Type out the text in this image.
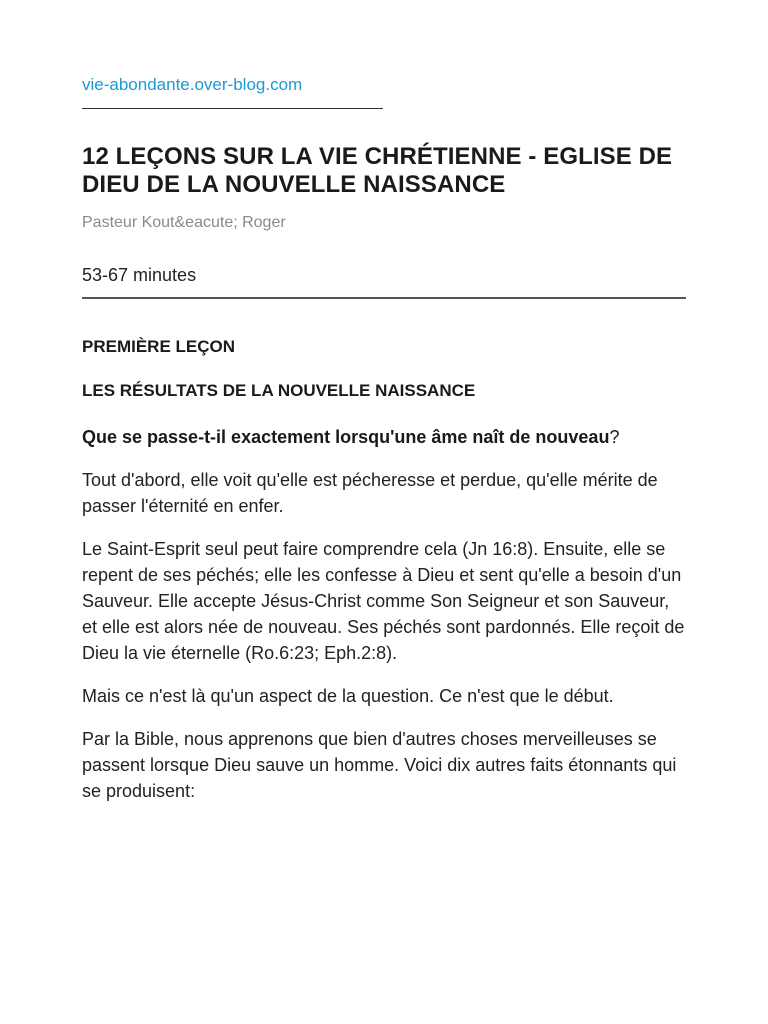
vie-abondante.over-blog.com
12 LEÇONS SUR LA VIE CHRÉTIENNE - EGLISE DE DIEU DE LA NOUVELLE NAISSANCE
Pasteur Kout&eacute; Roger
53-67 minutes
PREMIÈRE LEÇON
LES RÉSULTATS DE LA NOUVELLE NAISSANCE
Que se passe-t-il exactement lorsqu'une âme naît de nouveau?
Tout d'abord, elle voit qu'elle est pécheresse et perdue, qu'elle mérite de passer l'éternité en enfer.
Le Saint-Esprit seul peut faire comprendre cela (Jn 16:8). Ensuite, elle se repent de ses péchés; elle les confesse à Dieu et sent qu'elle a besoin d'un Sauveur. Elle accepte Jésus-Christ comme Son Seigneur et son Sauveur, et elle est alors née de nouveau. Ses péchés sont pardonnés. Elle reçoit de Dieu la vie éternelle (Ro.6:23; Eph.2:8).
Mais ce n'est là qu'un aspect de la question. Ce n'est que le début.
Par la Bible, nous apprenons que bien d'autres choses merveilleuses se passent lorsque Dieu sauve un homme. Voici dix autres faits étonnants qui se produisent:
